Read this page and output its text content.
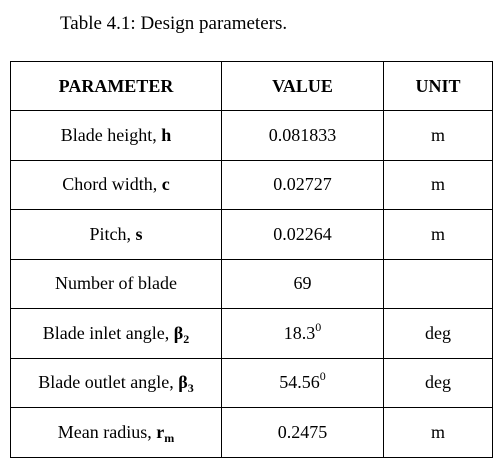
Table 4.1: Design parameters.
PARAMETER	VALUE	UNIT
Blade height, h	0.081833	m
Chord width, c	0.02727	m
Pitch, s	0.02264	m
Number of blade	69	
Blade inlet angle, $\beta_2$	18.3$^0$	deg
Blade outlet angle, $\beta_3$	54.56$^0$	deg
Mean radius, $r_m$	0.2475	m
